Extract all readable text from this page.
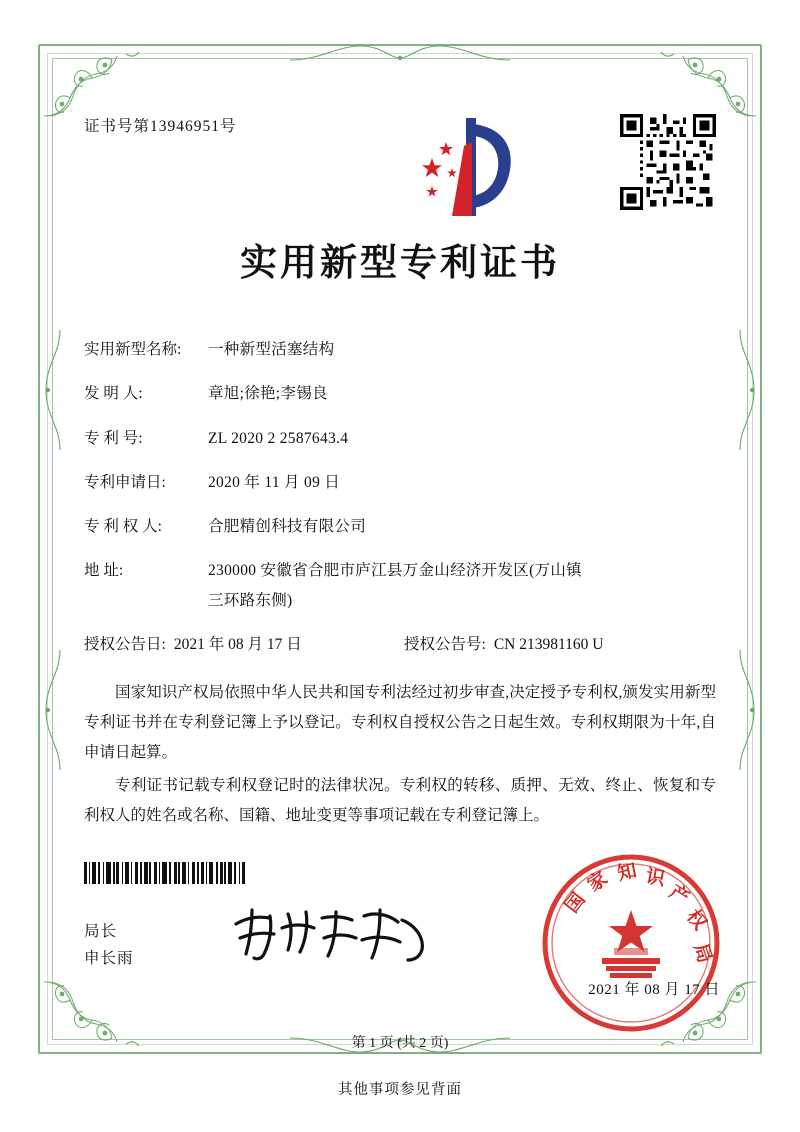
证书号第13946951号
实用新型专利证书
实用新型名称:	一种新型活塞结构
发 明 人:	章旭;徐艳;李锡良
专 利 号:	ZL 2020 2 2587643.4
专利申请日:	2020 年 11 月 09 日
专 利 权 人:	合肥精创科技有限公司
地 址:	230000 安徽省合肥市庐江县万金山经济开发区(万山镇
三环路东侧)
授权公告日: 2021 年 08 月 17 日	授权公告号: CN 213981160 U

国家知识产权局依照中华人民共和国专利法经过初步审查,决定授予专利权,颁发实用新型专利证书并在专利登记簿上予以登记。专利权自授权公告之日起生效。专利权期限为十年,自申请日起算。

专利证书记载专利权登记时的法律状况。专利权的转移、质押、无效、终止、恢复和专利权人的姓名或名称、国籍、地址变更等事项记载在专利登记簿上。

局长
申长雨
国
家 知 识
产
权
局
2021 年 08 月 17 日
第 1 页 (共 2 页)
其他事项参见背面
